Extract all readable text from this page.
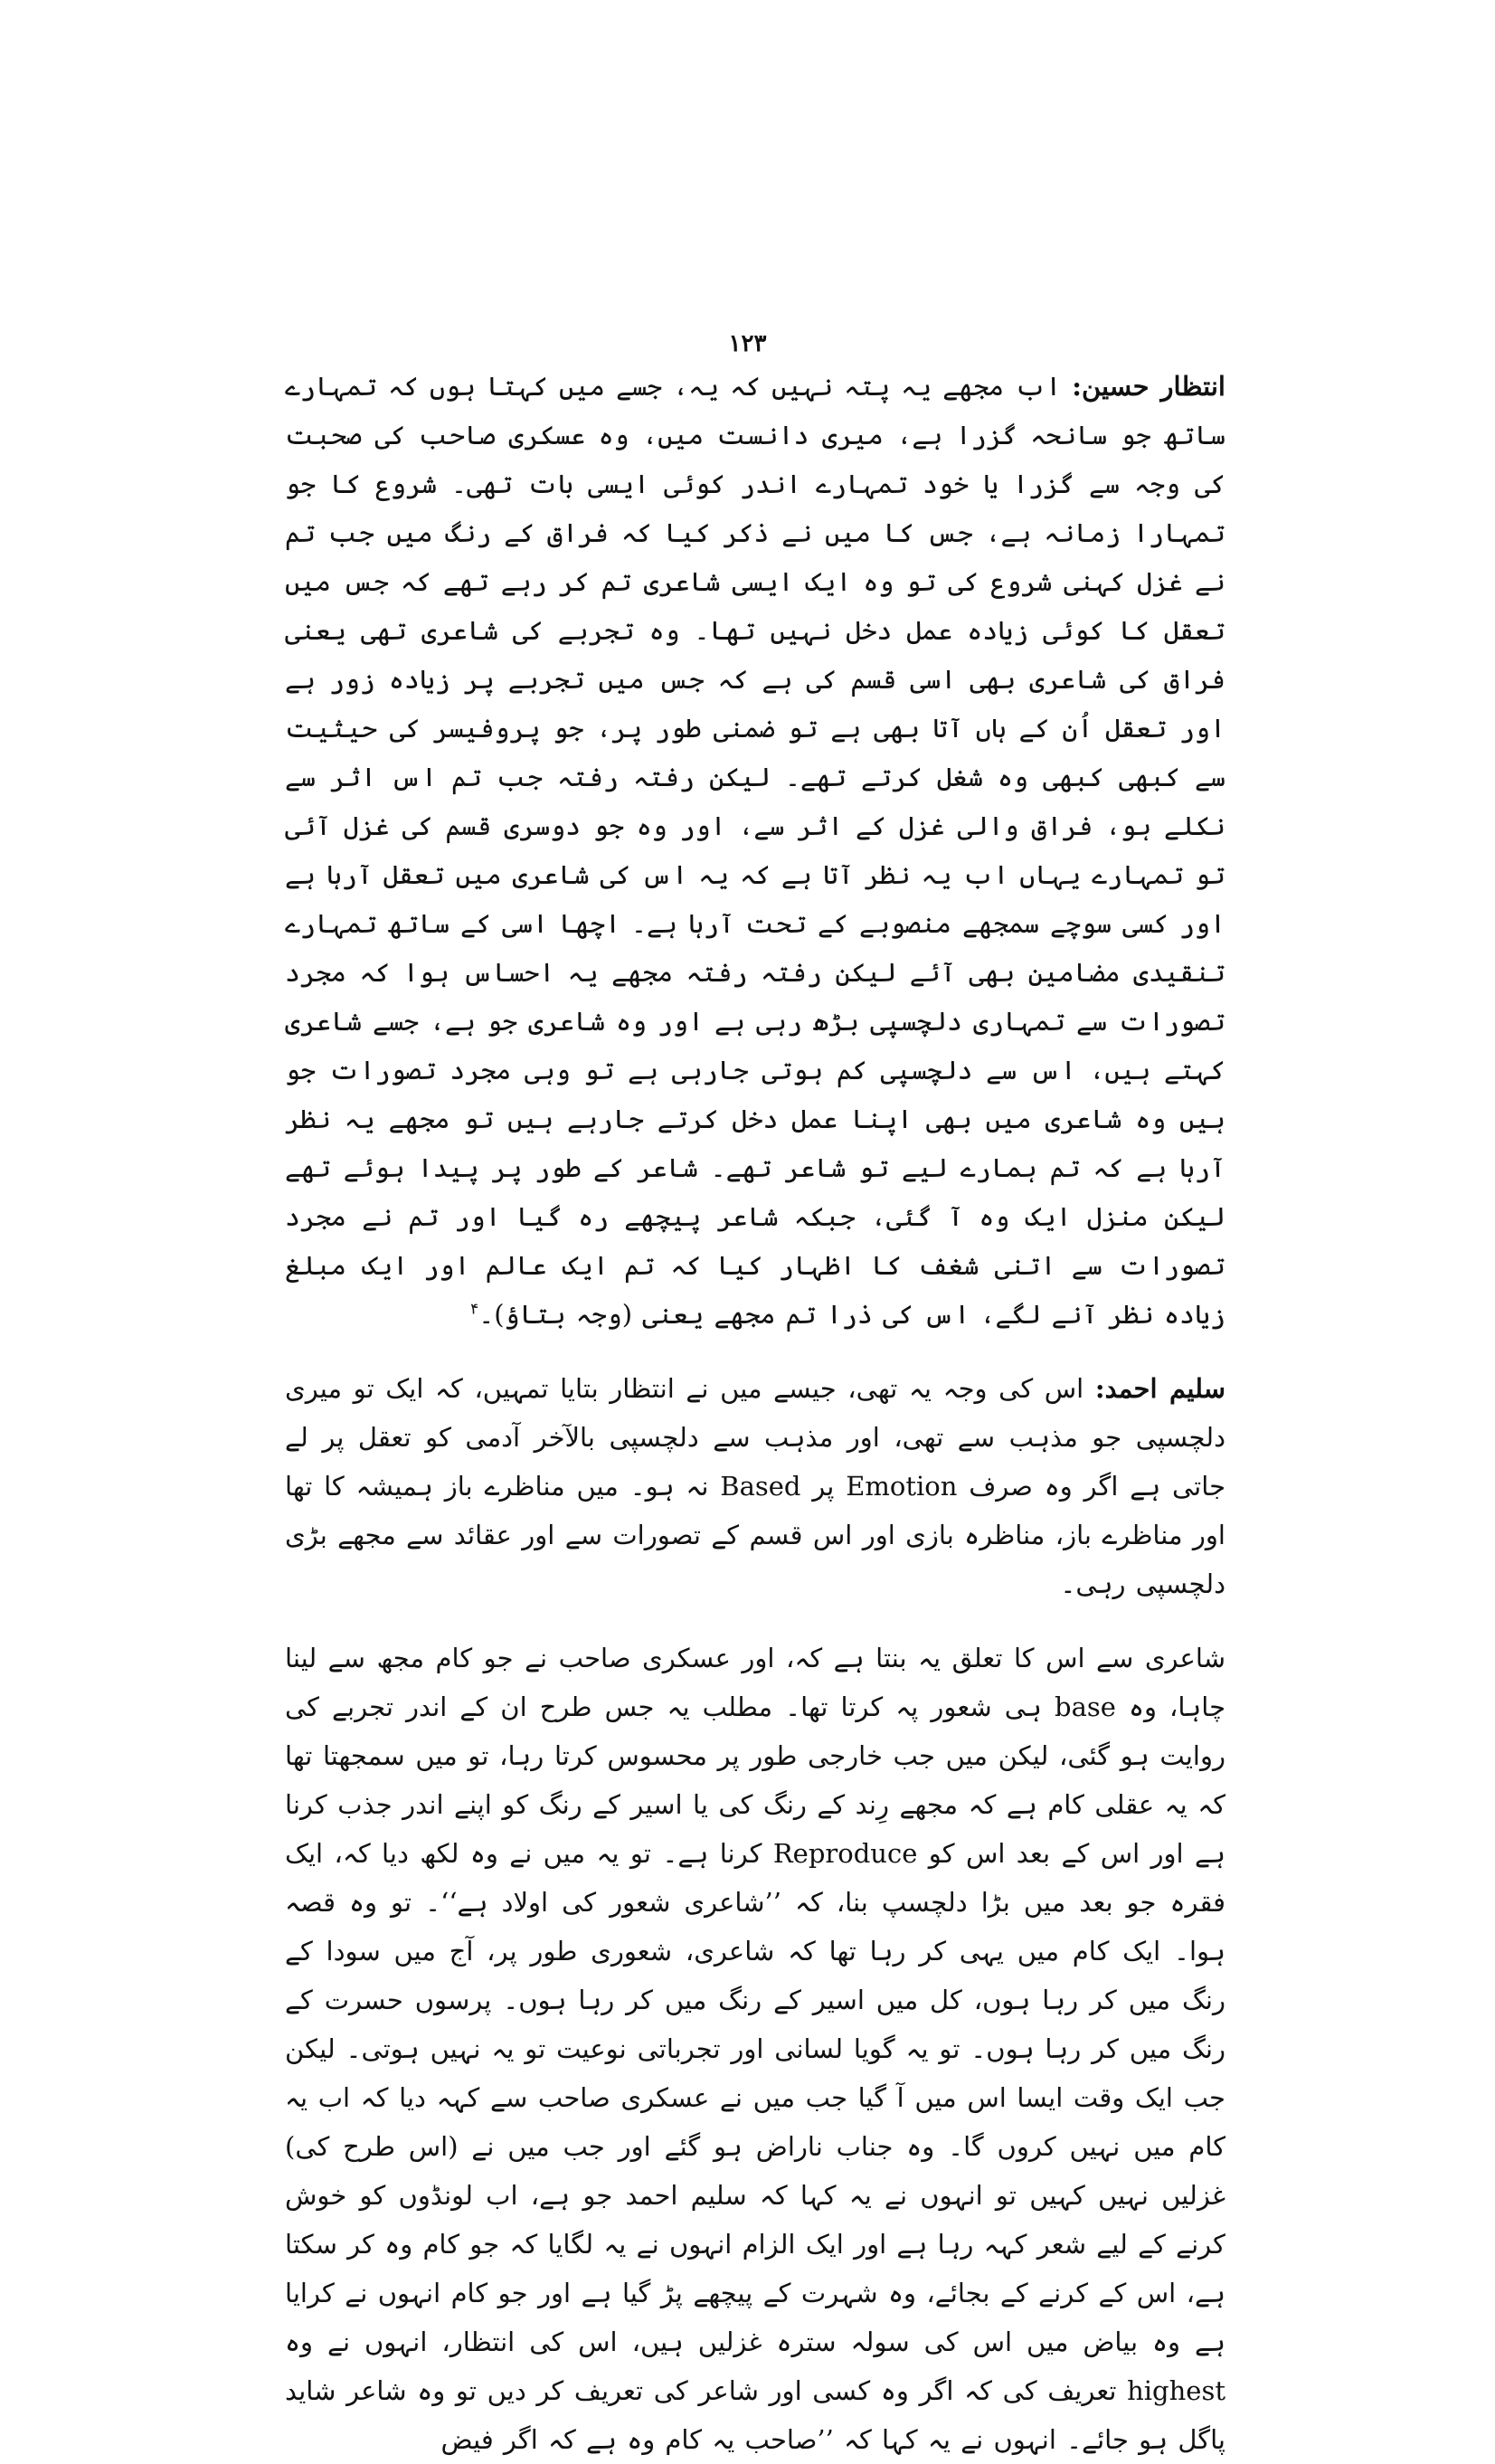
۱۲۳

انتظار حسین: اب مجھے یہ پتہ نہیں کہ یہ، جسے میں کہتا ہوں کہ تمہارے ساتھ جو سانحہ گزرا ہے، میری دانست میں، وہ عسکری صاحب کی صحبت کی وجہ سے گزرا یا خود تمہارے اندر کوئی ایسی بات تھی۔ شروع کا جو تمہارا زمانہ ہے، جس کا میں نے ذکر کیا کہ فراق کے رنگ میں جب تم نے غزل کہنی شروع کی تو وہ ایک ایسی شاعری تم کر رہے تھے کہ جس میں تعقل کا کوئی زیادہ عمل دخل نہیں تھا۔ وہ تجربے کی شاعری تھی یعنی فراق کی شاعری بھی اسی قسم کی ہے کہ جس میں تجربے پر زیادہ زور ہے اور تعقل اُن کے ہاں آتا بھی ہے تو ضمنی طور پر، جو پروفیسر کی حیثیت سے کبھی کبھی وہ شغل کرتے تھے۔ لیکن رفتہ رفتہ جب تم اس اثر سے نکلے ہو، فراق والی غزل کے اثر سے، اور وہ جو دوسری قسم کی غزل آئی تو تمہارے یہاں اب یہ نظر آتا ہے کہ یہ اس کی شاعری میں تعقل آرہا ہے اور کسی سوچے سمجھے منصوبے کے تحت آرہا ہے۔ اچھا اسی کے ساتھ تمہارے تنقیدی مضامین بھی آئے لیکن رفتہ رفتہ مجھے یہ احساس ہوا کہ مجرد تصورات سے تمہاری دلچسپی بڑھ رہی ہے اور وہ شاعری جو ہے، جسے شاعری کہتے ہیں، اس سے دلچسپی کم ہوتی جارہی ہے تو وہی مجرد تصورات جو ہیں وہ شاعری میں بھی اپنا عمل دخل کرتے جارہے ہیں تو مجھے یہ نظر آرہا ہے کہ تم ہمارے لیے تو شاعر تھے۔ شاعر کے طور پر پیدا ہوئے تھے لیکن منزل ایک وہ آ گئی، جبکہ شاعر پیچھے رہ گیا اور تم نے مجرد تصورات سے اتنی شغف کا اظہار کیا کہ تم ایک عالم اور ایک مبلغ زیادہ نظر آنے لگے، اس کی ذرا تم مجھے یعنی (وجہ بتاؤ)۔$^۴$

سلیم احمد: اس کی وجہ یہ تھی، جیسے میں نے انتظار بتایا تمہیں، کہ ایک تو میری دلچسپی جو مذہب سے تھی، اور مذہب سے دلچسپی بالآخر آدمی کو تعقل پر لے جاتی ہے اگر وہ صرف Emotion پر Based نہ ہو۔ میں مناظرے باز ہمیشہ کا تھا اور مناظرے باز، مناظرہ بازی اور اس قسم کے تصورات سے اور عقائد سے مجھے بڑی دلچسپی رہی۔

شاعری سے اس کا تعلق یہ بنتا ہے کہ، اور عسکری صاحب نے جو کام مجھ سے لینا چاہا، وہ base ہی شعور پہ کرتا تھا۔ مطلب یہ جس طرح ان کے اندر تجربے کی روایت ہو گئی، لیکن میں جب خارجی طور پر محسوس کرتا رہا، تو میں سمجھتا تھا کہ یہ عقلی کام ہے کہ مجھے رِند کے رنگ کی یا اسیر کے رنگ کو اپنے اندر جذب کرنا ہے اور اس کے بعد اس کو Reproduce کرنا ہے۔ تو یہ میں نے وہ لکھ دیا کہ، ایک فقرہ جو بعد میں بڑا دلچسپ بنا، کہ ’’شاعری شعور کی اولاد ہے‘‘۔ تو وہ قصہ ہوا۔ ایک کام میں یہی کر رہا تھا کہ شاعری، شعوری طور پر، آج میں سودا کے رنگ میں کر رہا ہوں، کل میں اسیر کے رنگ میں کر رہا ہوں۔ پرسوں حسرت کے رنگ میں کر رہا ہوں۔ تو یہ گویا لسانی اور تجرباتی نوعیت تو یہ نہیں ہوتی۔ لیکن جب ایک وقت ایسا اس میں آ گیا جب میں نے عسکری صاحب سے کہہ دیا کہ اب یہ کام میں نہیں کروں گا۔ وہ جناب ناراض ہو گئے اور جب میں نے (اس طرح کی) غزلیں نہیں کہیں تو انہوں نے یہ کہا کہ سلیم احمد جو ہے، اب لونڈوں کو خوش کرنے کے لیے شعر کہہ رہا ہے اور ایک الزام انہوں نے یہ لگایا کہ جو کام وہ کر سکتا ہے، اس کے کرنے کے بجائے، وہ شہرت کے پیچھے پڑ گیا ہے اور جو کام انہوں نے کرایا ہے وہ بیاض میں اس کی سولہ سترہ غزلیں ہیں، اس کی انتظار، انہوں نے وہ highest تعریف کی کہ اگر وہ کسی اور شاعر کی تعریف کر دیں تو وہ شاعر شاید پاگل ہو جائے۔ انہوں نے یہ کہا کہ ’’صاحب یہ کام وہ ہے کہ اگر فیض
